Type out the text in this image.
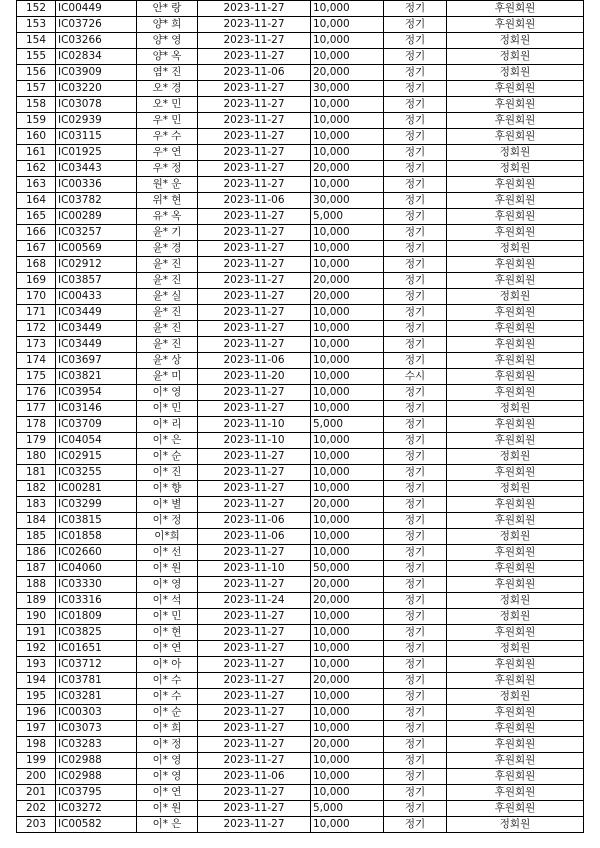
152	IC00449	안* 랑	2023-11-27	10,000	정기	후원회원
153	IC03726	양* 희	2023-11-27	10,000	정기	후원회원
154	IC03266	양* 영	2023-11-27	10,000	정기	정회원
155	IC02834	양* 옥	2023-11-27	10,000	정기	정회원
156	IC03909	염* 진	2023-11-06	20,000	정기	정회원
157	IC03220	오* 경	2023-11-27	30,000	정기	후원회원
158	IC03078	오* 민	2023-11-27	10,000	정기	후원회원
159	IC02939	우* 민	2023-11-27	10,000	정기	후원회원
160	IC03115	우* 수	2023-11-27	10,000	정기	후원회원
161	IC01925	우* 연	2023-11-27	10,000	정기	정회원
162	IC03443	우* 정	2023-11-27	20,000	정기	정회원
163	IC00336	원* 운	2023-11-27	10,000	정기	후원회원
164	IC03782	위* 현	2023-11-06	30,000	정기	후원회원
165	IC00289	유* 옥	2023-11-27	5,000	정기	후원회원
166	IC03257	윤* 기	2023-11-27	10,000	정기	후원회원
167	IC00569	윤* 경	2023-11-27	10,000	정기	정회원
168	IC02912	윤* 진	2023-11-27	10,000	정기	후원회원
169	IC03857	윤* 진	2023-11-27	20,000	정기	후원회원
170	IC00433	윤* 실	2023-11-27	20,000	정기	정회원
171	IC03449	윤* 진	2023-11-27	10,000	정기	후원회원
172	IC03449	윤* 진	2023-11-27	10,000	정기	후원회원
173	IC03449	윤* 진	2023-11-27	10,000	정기	후원회원
174	IC03697	윤* 상	2023-11-06	10,000	정기	후원회원
175	IC03821	윤* 미	2023-11-20	10,000	수시	후원회원
176	IC03954	이* 영	2023-11-27	10,000	정기	후원회원
177	IC03146	이* 민	2023-11-27	10,000	정기	정회원
178	IC03709	이* 리	2023-11-10	5,000	정기	후원회원
179	IC04054	이* 은	2023-11-10	10,000	정기	후원회원
180	IC02915	이* 순	2023-11-27	10,000	정기	정회원
181	IC03255	이* 진	2023-11-27	10,000	정기	후원회원
182	IC00281	이* 향	2023-11-27	10,000	정기	정회원
183	IC03299	이* 별	2023-11-27	20,000	정기	후원회원
184	IC03815	이* 정	2023-11-06	10,000	정기	후원회원
185	IC01858	이*희	2023-11-06	10,000	정기	정회원
186	IC02660	이* 선	2023-11-27	10,000	정기	후원회원
187	IC04060	이* 원	2023-11-10	50,000	정기	후원회원
188	IC03330	이* 영	2023-11-27	20,000	정기	후원회원
189	IC03316	이* 석	2023-11-24	20,000	정기	정회원
190	IC01809	이* 민	2023-11-27	10,000	정기	정회원
191	IC03825	이* 현	2023-11-27	10,000	정기	후원회원
192	IC01651	이* 연	2023-11-27	10,000	정기	정회원
193	IC03712	이* 아	2023-11-27	10,000	정기	후원회원
194	IC03781	이* 수	2023-11-27	20,000	정기	후원회원
195	IC03281	이* 수	2023-11-27	10,000	정기	정회원
196	IC00303	이* 순	2023-11-27	10,000	정기	후원회원
197	IC03073	이* 희	2023-11-27	10,000	정기	후원회원
198	IC03283	이* 정	2023-11-27	20,000	정기	후원회원
199	IC02988	이* 영	2023-11-27	10,000	정기	후원회원
200	IC02988	이* 영	2023-11-06	10,000	정기	후원회원
201	IC03795	이* 연	2023-11-27	10,000	정기	후원회원
202	IC03272	이* 원	2023-11-27	5,000	정기	후원회원
203	IC00582	이* 은	2023-11-27	10,000	정기	정회원
